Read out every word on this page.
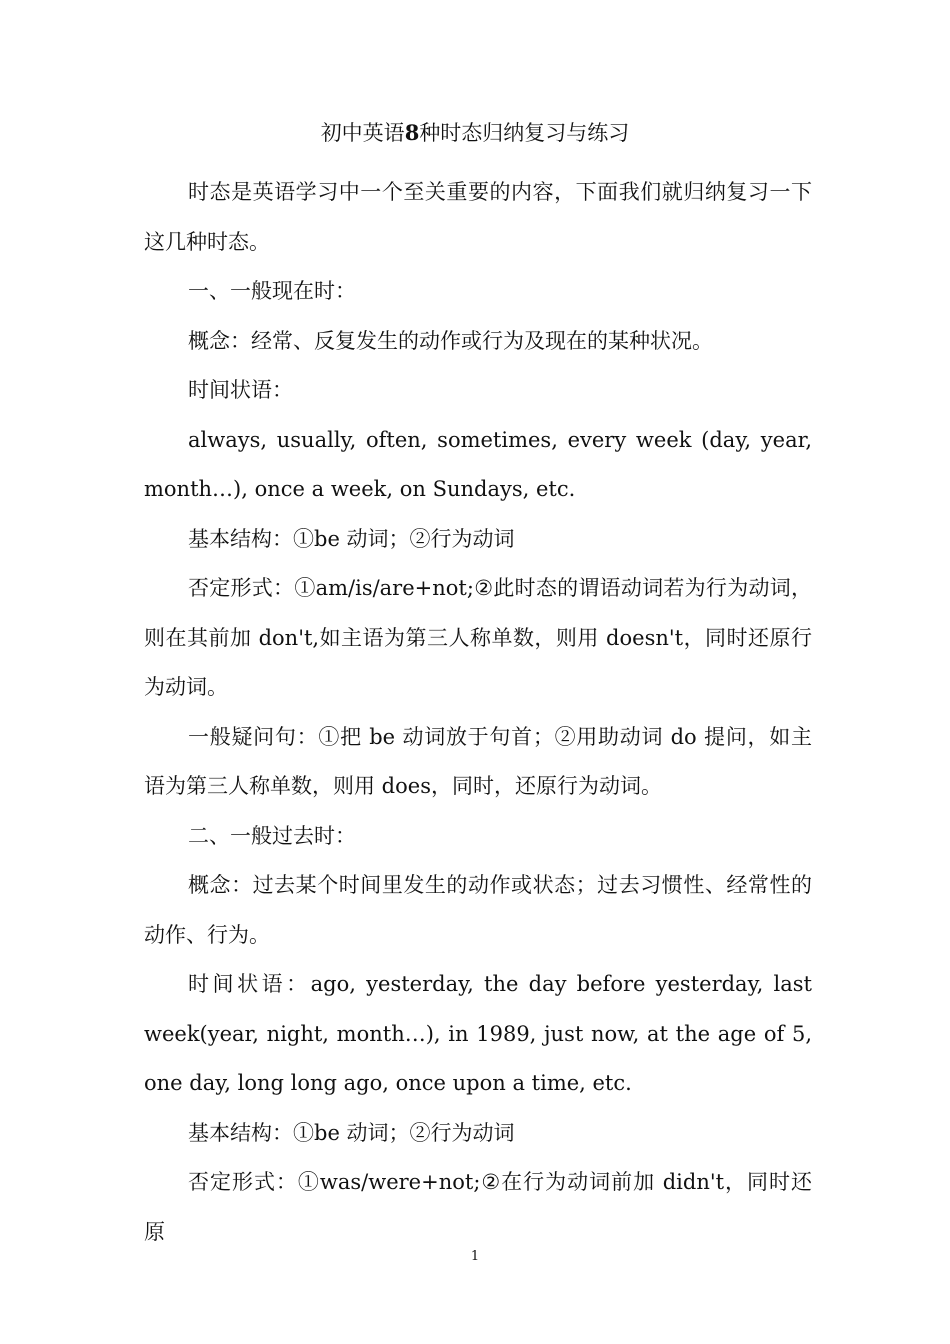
初中英语8种时态归纳复习与练习

时态是英语学习中一个至关重要的内容，下面我们就归纳复习一下这几种时态。

一、一般现在时：

概念：经常、反复发生的动作或行为及现在的某种状况。

时间状语：

always, usually, often, sometimes, every week (day, year, month…), once a week, on Sundays, etc.

基本结构：①be 动词；②行为动词

否定形式：①am/is/are+not;②此时态的谓语动词若为行为动词，则在其前加 don't,如主语为第三人称单数，则用 doesn't，同时还原行为动词。

一般疑问句：①把 be 动词放于句首；②用助动词 do 提问，如主语为第三人称单数，则用 does，同时，还原行为动词。

二、一般过去时：

概念：过去某个时间里发生的动作或状态；过去习惯性、经常性的动作、行为。

时间状语：ago, yesterday, the day before yesterday, last week(year, night, month…), in 1989, just now, at the age of 5, one day, long long ago, once upon a time, etc.

基本结构：①be 动词；②行为动词

否定形式：①was/were+not;②在行为动词前加 didn't，同时还原

1
